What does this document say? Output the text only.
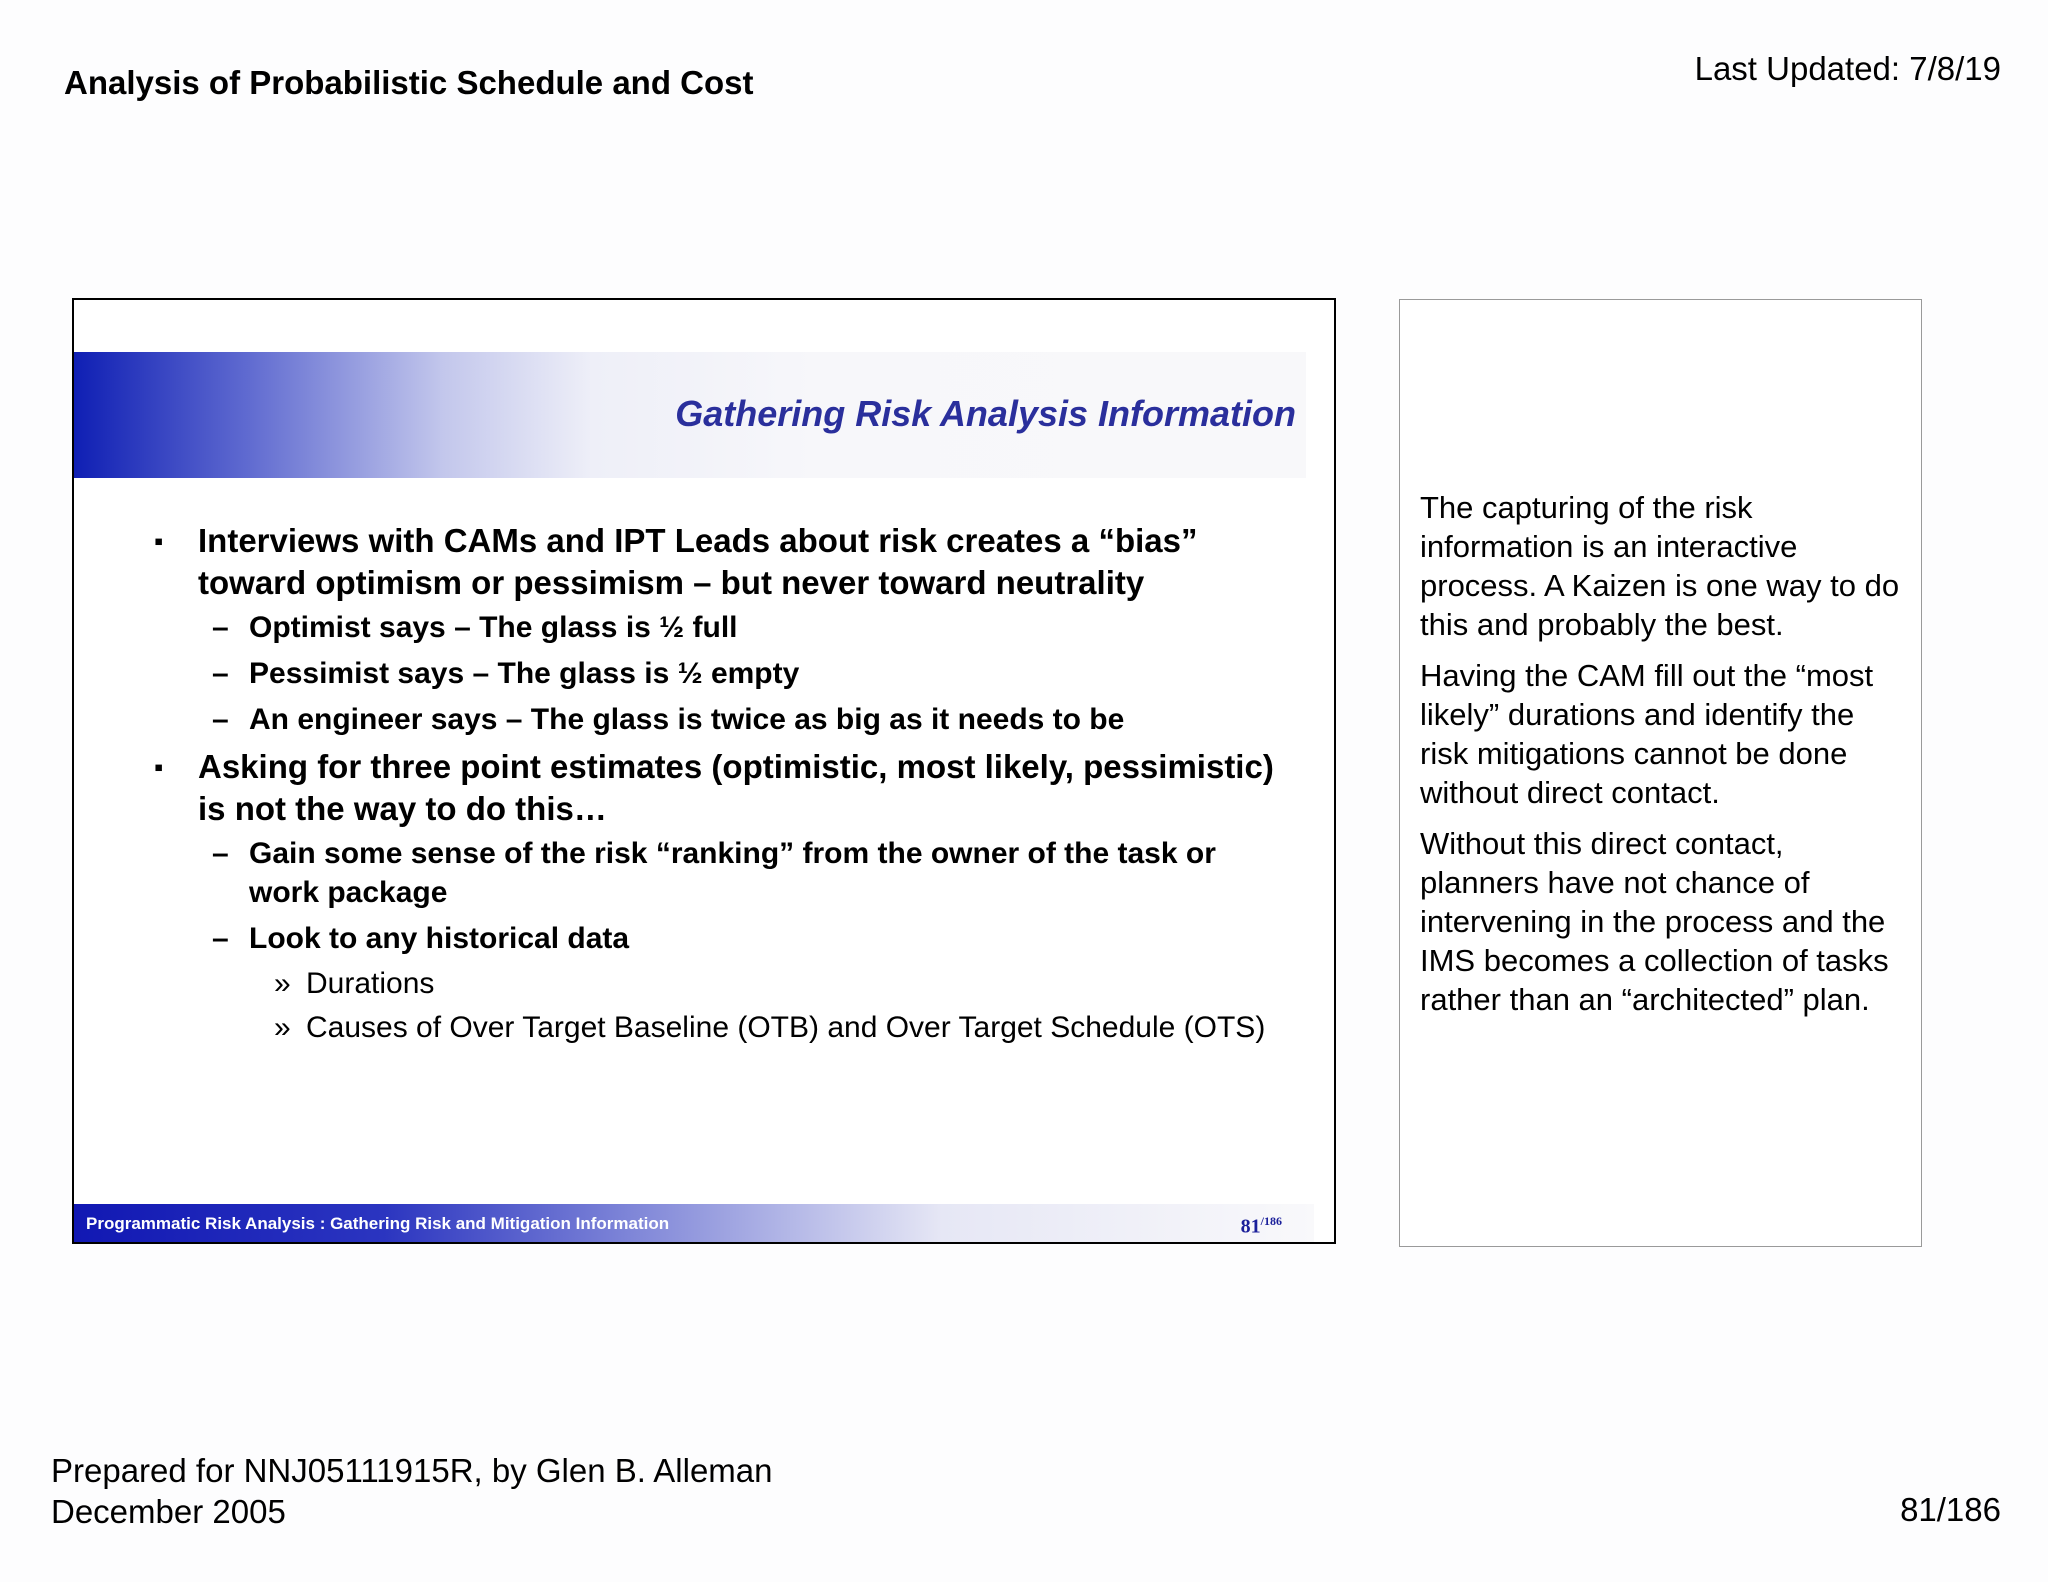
Analysis of Probabilistic Schedule and Cost	Last Updated: 7/8/19
Gathering Risk Analysis Information
▪ Interviews with CAMs and IPT Leads about risk creates a “bias” toward optimism or pessimism – but never toward neutrality
– Optimist says – The glass is ½ full
– Pessimist says – The glass is ½ empty
– An engineer says – The glass is twice as big as it needs to be
▪ Asking for three point estimates (optimistic, most likely, pessimistic) is not the way to do this…
– Gain some sense of the risk “ranking” from the owner of the task or work package
– Look to any historical data
» Durations
» Causes of Over Target Baseline (OTB) and Over Target Schedule (OTS)
Programmatic Risk Analysis : Gathering Risk and Mitigation Information	$81^{/186}$

The capturing of the risk information is an interactive process. A Kaizen is one way to do this and probably the best.

Having the CAM fill out the “most likely” durations and identify the risk mitigations cannot be done without direct contact.

Without this direct contact, planners have not chance of intervening in the process and the IMS becomes a collection of tasks rather than an “architected” plan.

Prepared for NNJ05111915R, by Glen B. Alleman
December 2005	81/186
